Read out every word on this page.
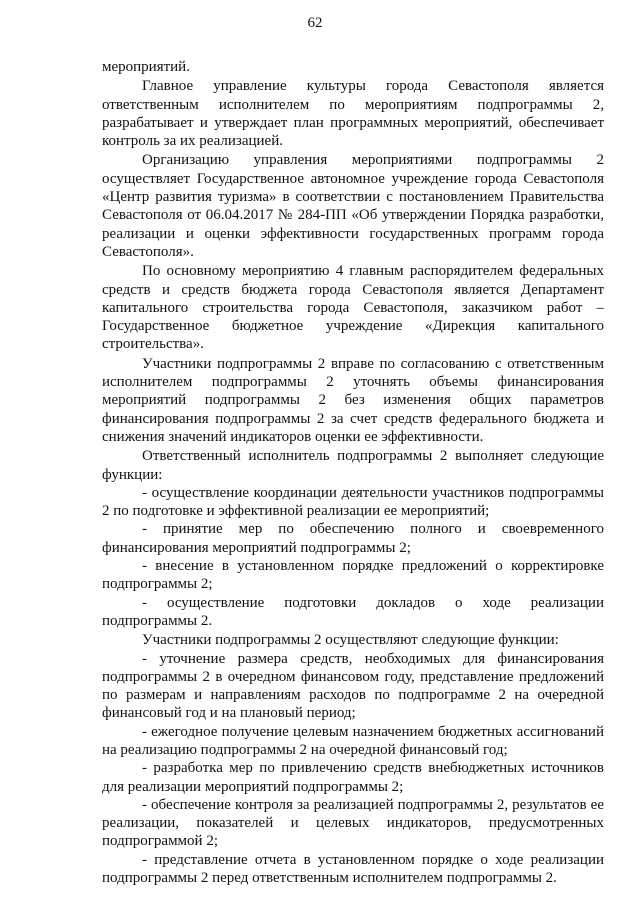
62

мероприятий.

Главное управление культуры города Севастополя является ответственным исполнителем по мероприятиям подпрограммы 2, разрабатывает и утверждает план программных мероприятий, обеспечивает контроль за их реализацией.

Организацию управления мероприятиями подпрограммы 2 осуществляет Государственное автономное учреждение города Севастополя «Центр развития туризма» в соответствии с постановлением Правительства Севастополя от 06.04.2017 № 284-ПП «Об утверждении Порядка разработки, реализации и оценки эффективности государственных программ города Севастополя».

По основному мероприятию 4 главным распорядителем федеральных средств и средств бюджета города Севастополя является Департамент капитального строительства города Севастополя, заказчиком работ – Государственное бюджетное учреждение «Дирекция капитального строительства».

Участники подпрограммы 2 вправе по согласованию с ответственным исполнителем подпрограммы 2 уточнять объемы финансирования мероприятий подпрограммы 2 без изменения общих параметров финансирования подпрограммы 2 за счет средств федерального бюджета и снижения значений индикаторов оценки ее эффективности.

Ответственный исполнитель подпрограммы 2 выполняет следующие функции:

- осуществление координации деятельности участников подпрограммы 2 по подготовке и эффективной реализации ее мероприятий;

- принятие мер по обеспечению полного и своевременного финансирования мероприятий подпрограммы 2;

- внесение в установленном порядке предложений о корректировке подпрограммы 2;

- осуществление подготовки докладов о ходе реализации подпрограммы 2.

Участники подпрограммы 2 осуществляют следующие функции:

- уточнение размера средств, необходимых для финансирования подпрограммы 2 в очередном финансовом году, представление предложений по размерам и направлениям расходов по подпрограмме 2 на очередной финансовый год и на плановый период;

- ежегодное получение целевым назначением бюджетных ассигнований на реализацию подпрограммы 2 на очередной финансовый год;

- разработка мер по привлечению средств внебюджетных источников для реализации мероприятий подпрограммы 2;

- обеспечение контроля за реализацией подпрограммы 2, результатов ее реализации, показателей и целевых индикаторов, предусмотренных подпрограммой 2;

- представление отчета в установленном порядке о ходе реализации подпрограммы 2 перед ответственным исполнителем подпрограммы 2.
